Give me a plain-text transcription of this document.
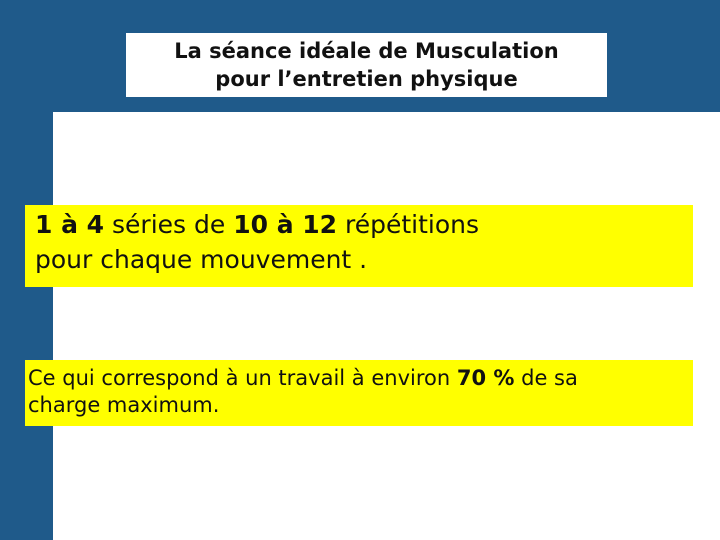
La séance idéale de Musculation
pour l’entretien physique
1 à 4 séries de 10 à 12 répétitions
pour chaque mouvement .
Ce qui correspond à un travail à environ 70 % de sa
charge maximum.
